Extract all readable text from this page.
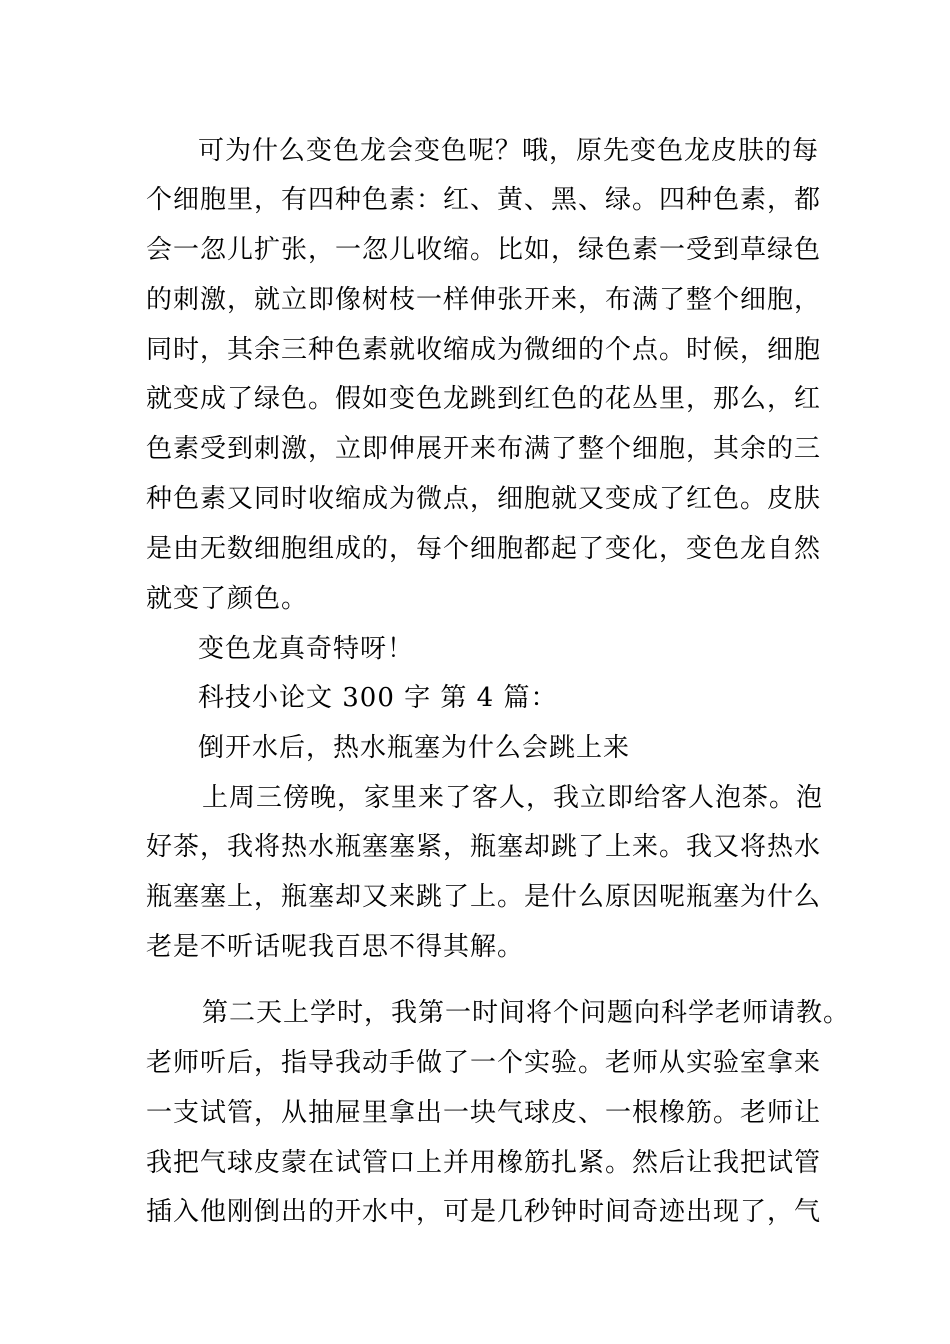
可为什么变色龙会变色呢？哦，原先变色龙皮肤的每
个细胞里，有四种色素：红、黄、黑、绿。四种色素，都
会一忽儿扩张，一忽儿收缩。比如，绿色素一受到草绿色
的刺激，就立即像树枝一样伸张开来，布满了整个细胞，
同时，其余三种色素就收缩成为微细的个点。时候，细胞
就变成了绿色。假如变色龙跳到红色的花丛里，那么，红
色素受到刺激，立即伸展开来布满了整个细胞，其余的三
种色素又同时收缩成为微点，细胞就又变成了红色。皮肤
是由无数细胞组成的，每个细胞都起了变化，变色龙自然
就变了颜色。
变色龙真奇特呀！
科技小论文 300 字 第 4 篇：
倒开水后，热水瓶塞为什么会跳上来
上周三傍晚，家里来了客人，我立即给客人泡茶。泡
好茶，我将热水瓶塞塞紧，瓶塞却跳了上来。我又将热水
瓶塞塞上，瓶塞却又来跳了上。是什么原因呢瓶塞为什么
老是不听话呢我百思不得其解。
第二天上学时，我第一时间将个问题向科学老师请教。
老师听后，指导我动手做了一个实验。老师从实验室拿来
一支试管，从抽屉里拿出一块气球皮、一根橡筋。老师让
我把气球皮蒙在试管口上并用橡筋扎紧。然后让我把试管
插入他刚倒出的开水中，可是几秒钟时间奇迹出现了，气
